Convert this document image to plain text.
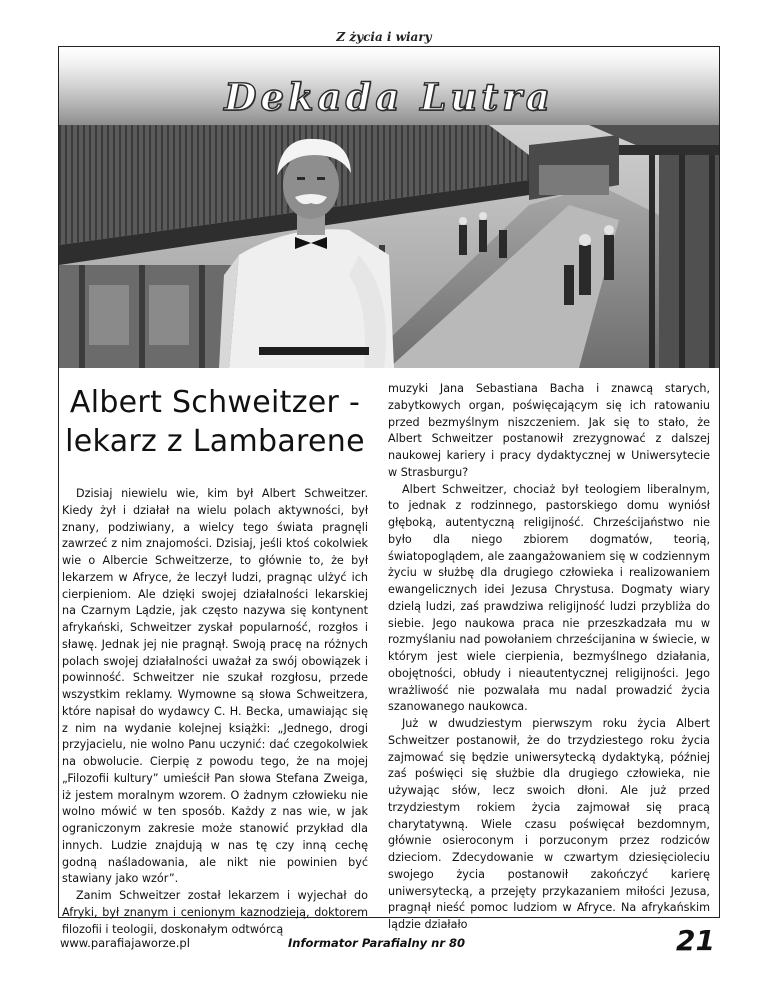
Z życia i wiary
Dekada Lutra
Albert Schweitzer -
lekarz z Lambarene

Dzisiaj niewielu wie, kim był Albert Schweitzer. Kiedy żył i działał na wielu polach aktywności, był znany, podziwiany, a wielcy tego świata pragnęli zawrzeć z nim znajomości. Dzisiaj, jeśli ktoś cokolwiek wie o Albercie Schweitzerze, to głównie to, że był lekarzem w Afryce, że leczył ludzi, pragnąc ulżyć ich cierpieniom. Ale dzięki swojej działalności lekarskiej na Czarnym Lądzie, jak często nazywa się kontynent afrykański, Schweitzer zyskał popularność, rozgłos i sławę. Jednak jej nie pragnął. Swoją pracę na różnych polach swojej działalności uważał za swój obowiązek i powinność. Schweitzer nie szukał rozgłosu, przede wszystkim reklamy. Wymowne są słowa Schweitzera, które napisał do wydawcy C. H. Becka, umawiając się z nim na wydanie kolejnej książki: „Jednego, drogi przyjacielu, nie wolno Panu uczynić: dać czegokolwiek na obwolucie. Cierpię z powodu tego, że na mojej „Filozofii kultury” umieścił Pan słowa Stefana Zweiga, iż jestem moralnym wzorem. O żadnym człowieku nie wolno mówić w ten sposób. Każdy z nas wie, w jak ograniczonym zakresie może stanowić przykład dla innych. Ludzie znajdują w nas tę czy inną cechę godną naśladowania, ale nikt nie powinien być stawiany jako wzór”.

Zanim Schweitzer został lekarzem i wyjechał do Afryki, był znanym i cenionym kaznodzieją, doktorem filozofii i teologii, doskonałym odtwórcą

muzyki Jana Sebastiana Bacha i znawcą starych, zabytkowych organ, poświęcającym się ich ratowaniu przed bezmyślnym niszczeniem. Jak się to stało, że Albert Schweitzer postanowił zrezygnować z dalszej naukowej kariery i pracy dydaktycznej w Uniwersytecie w Strasburgu?

Albert Schweitzer, chociaż był teologiem liberalnym, to jednak z rodzinnego, pastorskiego domu wyniósł głęboką, autentyczną religijność. Chrześcijaństwo nie było dla niego zbiorem dogmatów, teorią, światopoglądem, ale zaangażowaniem się w codziennym życiu w służbę dla drugiego człowieka i realizowaniem ewangelicznych idei Jezusa Chrystusa. Dogmaty wiary dzielą ludzi, zaś prawdziwa religijność ludzi przybliża do siebie. Jego naukowa praca nie przeszkadzała mu w rozmyślaniu nad powołaniem chrześcijanina w świecie, w którym jest wiele cierpienia, bezmyślnego działania, obojętności, obłudy i nieautentycznej religijności. Jego wrażliwość nie pozwalała mu nadal prowadzić życia szanowanego naukowca.

Już w dwudziestym pierwszym roku życia Albert Schweitzer postanowił, że do trzydziestego roku życia zajmować się będzie uniwersytecką dydaktyką, później zaś poświęci się służbie dla drugiego człowieka, nie używając słów, lecz swoich dłoni. Ale już przed trzydziestym rokiem życia zajmował się pracą charytatywną. Wiele czasu poświęcał bezdomnym, głównie osieroconym i porzuconym przez rodziców dzieciom. Zdecydowanie w czwartym dziesięcioleciu swojego życia postanowił zakończyć karierę uniwersytecką, a przejęty przykazaniem miłości Jezusa, pragnął nieść pomoc ludziom w Afryce. Na afrykańskim lądzie działało

www.parafiajaworze.pl	Informator Parafialny nr 80	21
